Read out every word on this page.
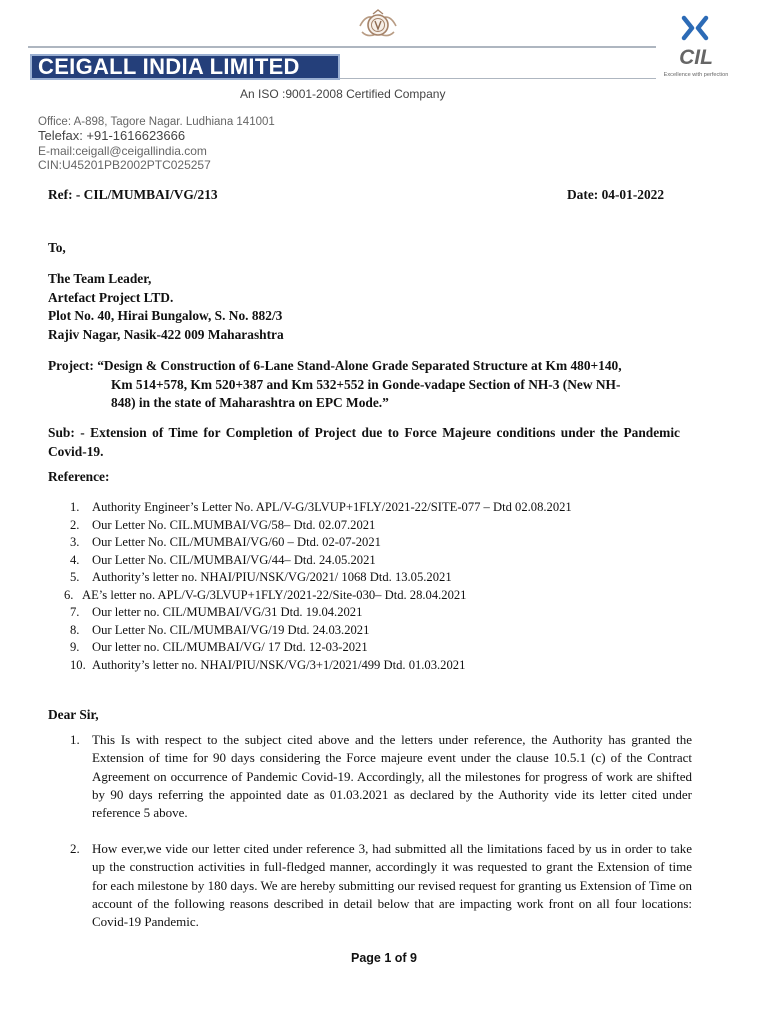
CEIGALL INDIA LIMITED	CIL
Excellence with perfection
An ISO :9001-2008 Certified Company
Office: A-898, Tagore Nagar. Ludhiana 141001
Telefax: +91-1616623666
E-mail:ceigall@ceigallindia.com
CIN:U45201PB2002PTC025257
Ref: - CIL/MUMBAI/VG/213	Date: 04-01-2022
To,
The Team Leader,
Artefact Project LTD.
Plot No. 40, Hirai Bungalow, S. No. 882/3
Rajiv Nagar, Nasik-422 009 Maharashtra
Project: “Design & Construction of 6-Lane Stand-Alone Grade Separated Structure at Km 480+140,
Km 514+578, Km 520+387 and Km 532+552 in Gonde-vadape Section of NH-3 (New NH-
848) in the state of Maharashtra on EPC Mode.”
Sub: - Extension of Time for Completion of Project due to Force Majeure conditions under the Pandemic Covid-19.
Reference:
1. Authority Engineer’s Letter No. APL/V-G/3LVUP+1FLY/2021-22/SITE-077 – Dtd 02.08.2021
2. Our Letter No. CIL.MUMBAI/VG/58– Dtd. 02.07.2021
3. Our Letter No. CIL/MUMBAI/VG/60 – Dtd. 02-07-2021
4. Our Letter No. CIL/MUMBAI/VG/44– Dtd. 24.05.2021
5. Authority’s letter no. NHAI/PIU/NSK/VG/2021/ 1068 Dtd. 13.05.2021
6. AE’s letter no. APL/V-G/3LVUP+1FLY/2021-22/Site-030– Dtd. 28.04.2021
7. Our letter no. CIL/MUMBAI/VG/31 Dtd. 19.04.2021
8. Our Letter No. CIL/MUMBAI/VG/19 Dtd. 24.03.2021
9. Our letter no. CIL/MUMBAI/VG/ 17 Dtd. 12-03-2021
10. Authority’s letter no. NHAI/PIU/NSK/VG/3+1/2021/499 Dtd. 01.03.2021
Dear Sir,
1. This Is with respect to the subject cited above and the letters under reference, the Authority has granted the Extension of time for 90 days considering the Force majeure event under the clause 10.5.1 (c) of the Contract Agreement on occurrence of Pandemic Covid-19. Accordingly, all the milestones for progress of work are shifted by 90 days referring the appointed date as 01.03.2021 as declared by the Authority vide its letter cited under reference 5 above.
2. How ever,we vide our letter cited under reference 3, had submitted all the limitations faced by us in order to take up the construction activities in full-fledged manner, accordingly it was requested to grant the Extension of time for each milestone by 180 days. We are hereby submitting our revised request for granting us Extension of Time on account of the following reasons described in detail below that are impacting work front on all four locations: Covid-19 Pandemic.
Page 1 of 9
